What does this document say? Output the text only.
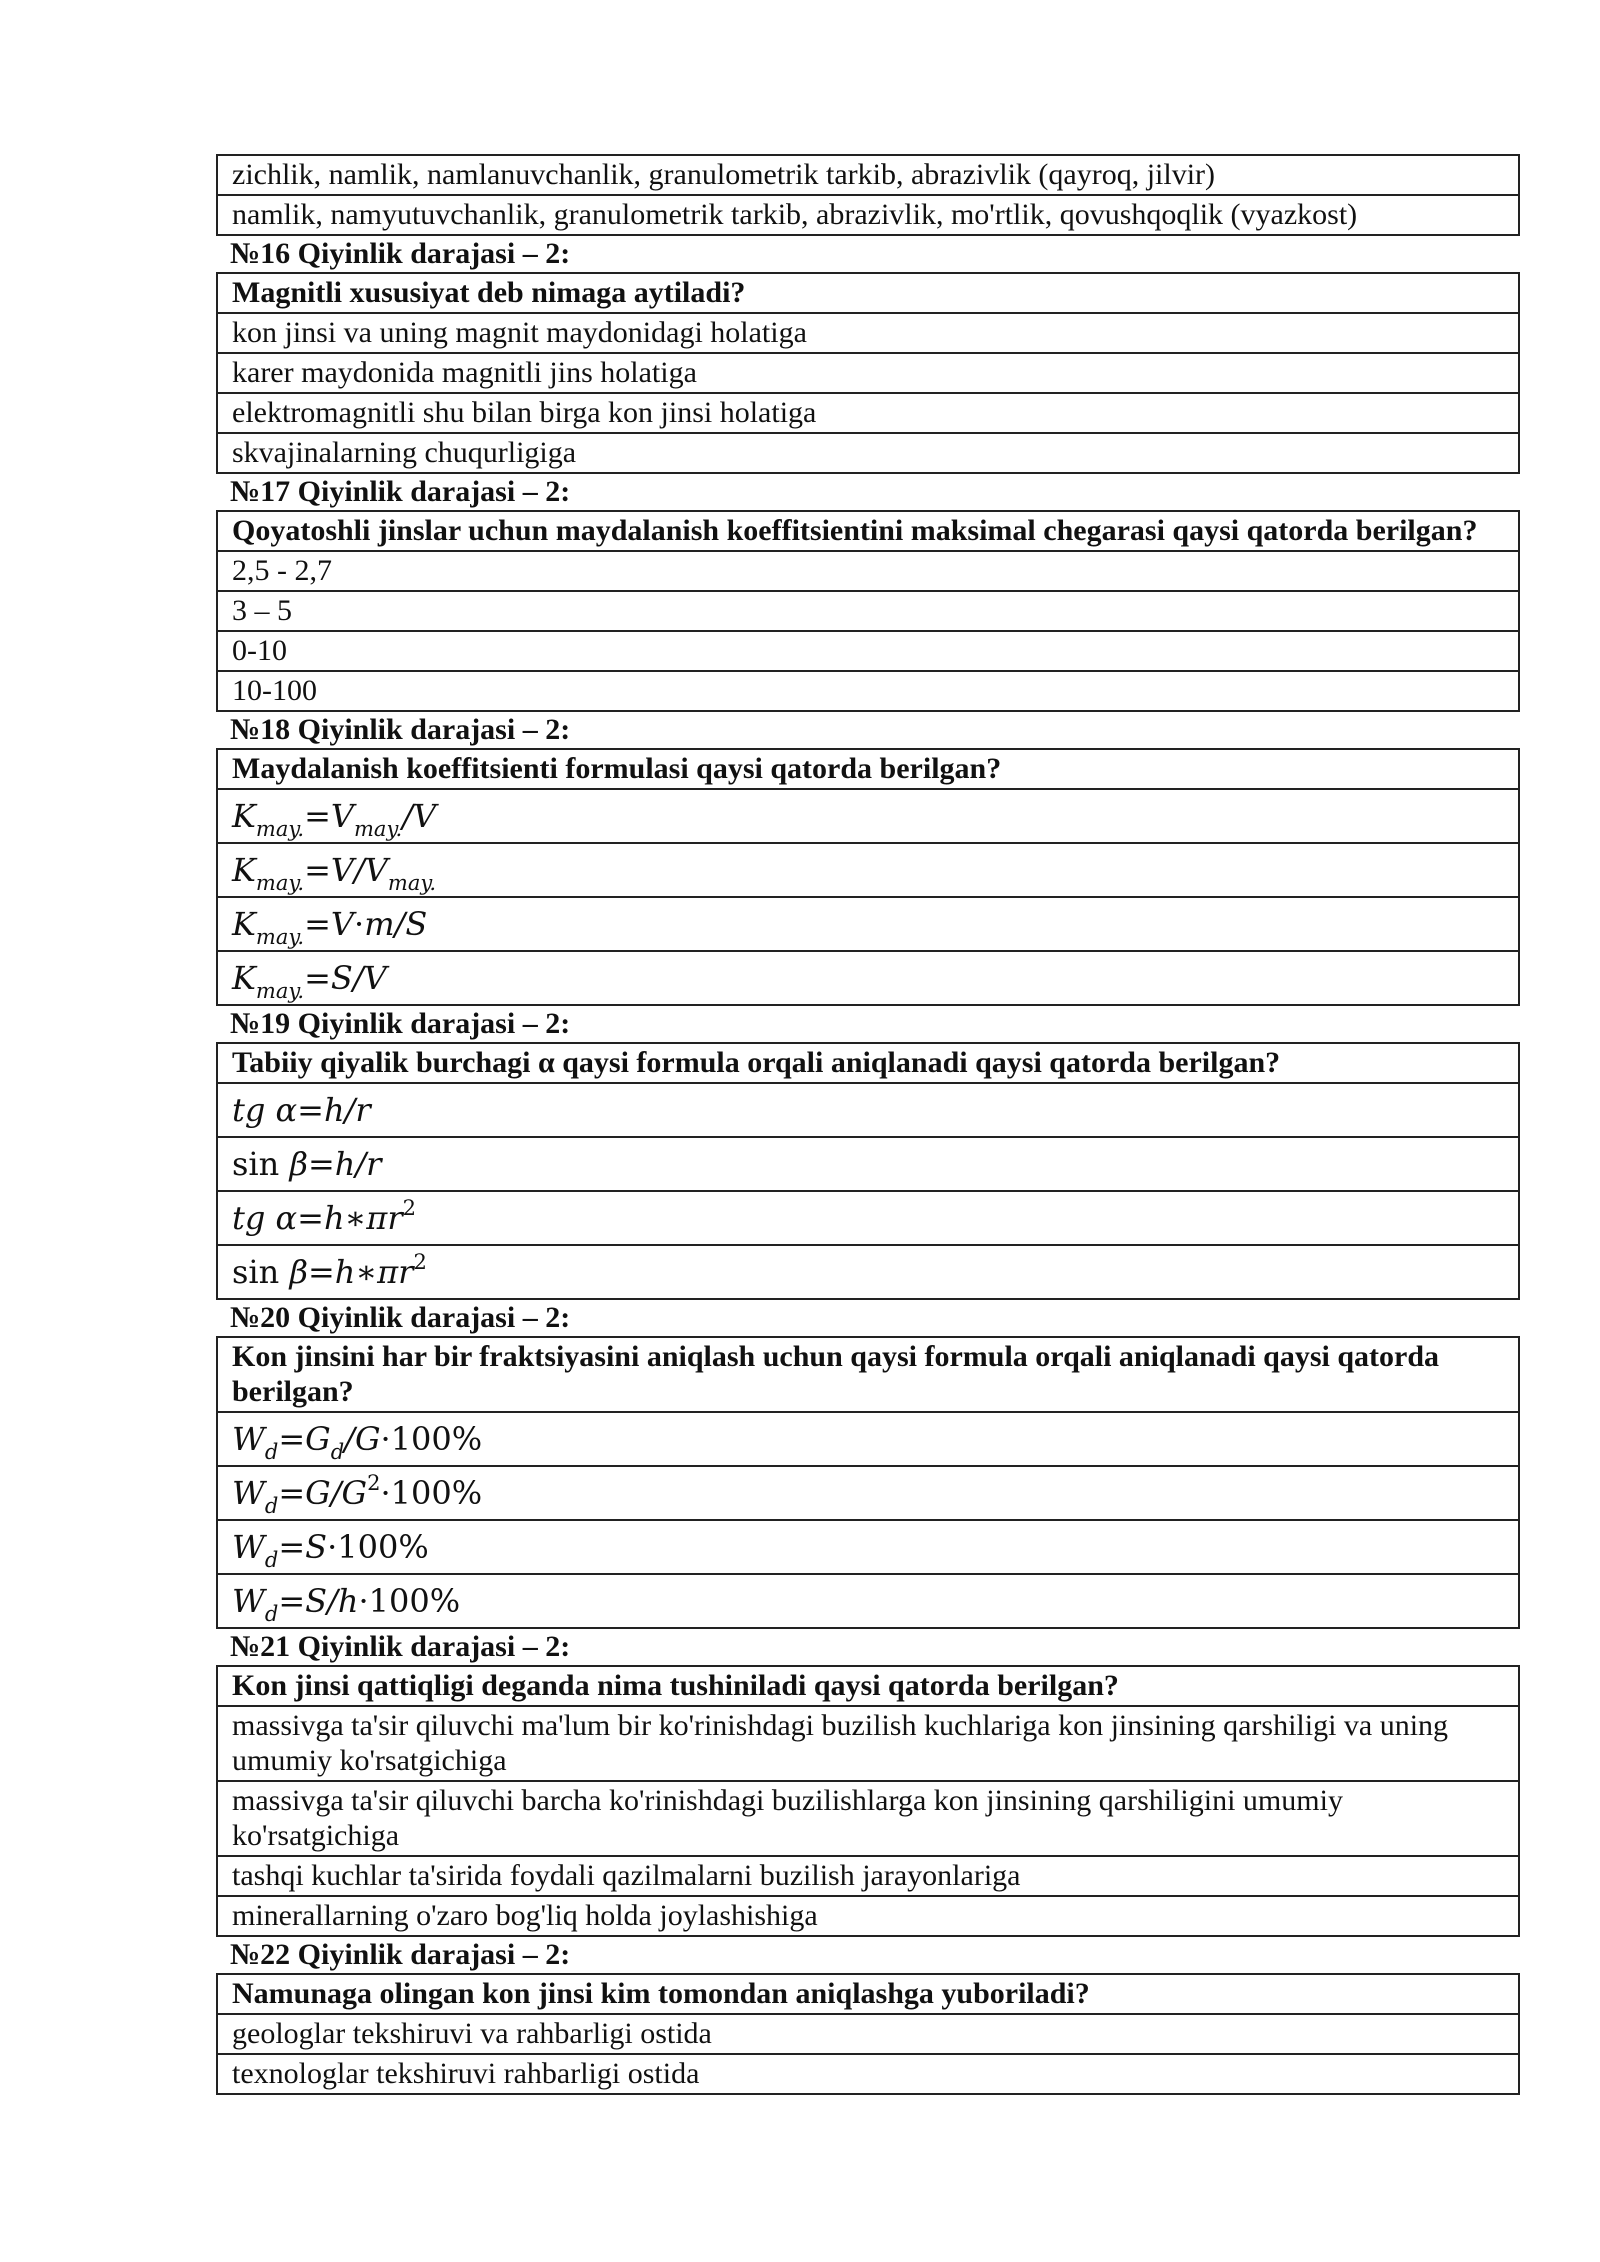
zichlik, namlik, namlanuvchanlik, granulometrik tarkib, abrazivlik (qayroq, jilvir)
namlik, namyutuvchanlik, granulometrik tarkib, abrazivlik, mo'rtlik, qovushqoqlik (vyazkost)
№16 Qiyinlik darajasi – 2:
Magnitli xususiyat deb nimaga aytiladi?
kon jinsi va uning magnit maydonidagi holatiga
karer maydonida magnitli jins holatiga
elektromagnitli shu bilan birga kon jinsi holatiga
skvajinalarning chuqurligiga
№17 Qiyinlik darajasi – 2:
Qoyatoshli jinslar uchun maydalanish koeffitsientini maksimal chegarasi qaysi qatorda berilgan?
2,5 - 2,7
3 – 5
0-10
10-100
№18 Qiyinlik darajasi – 2:
Maydalanish koeffitsienti formulasi qaysi qatorda berilgan?
$K_{may.}=V_{may.}/V$
$K_{may.}=V/V_{may.}$
$K_{may.}=V\cdot m/S$
$K_{may.}=S/V$
№19 Qiyinlik darajasi – 2:
Tabiiy qiyalik burchagi α qaysi formula orqali aniqlanadi qaysi qatorda berilgan?
tg α=h/r
sin β=h/r
tg $\alpha=h∗\pi r^2$
$\sin \beta=h∗\pi r^2$
№20 Qiyinlik darajasi – 2:
Kon jinsini har bir fraktsiyasini aniqlash uchun qaysi formula orqali aniqlanadi qaysi qatorda berilgan?
$W_d=G_d/G\cdot 100\%$
$W_d=G/G^2\cdot 100\%$
$W_d=S\cdot 100\%$
$W_d=S/h\cdot 100\%$
№21 Qiyinlik darajasi – 2:
Kon jinsi qattiqligi deganda nima tushiniladi qaysi qatorda berilgan?
massivga ta'sir qiluvchi ma'lum bir ko'rinishdagi buzilish kuchlariga kon jinsining qarshiligi va uning umumiy ko'rsatgichiga
massivga ta'sir qiluvchi barcha ko'rinishdagi buzilishlarga kon jinsining qarshiligini umumiy ko'rsatgichiga
tashqi kuchlar ta'sirida foydali qazilmalarni buzilish jarayonlariga
minerallarning o'zaro bog'liq holda joylashishiga
№22 Qiyinlik darajasi – 2:
Namunaga olingan kon jinsi kim tomondan aniqlashga yuboriladi?
geologlar tekshiruvi va rahbarligi ostida
texnologlar tekshiruvi rahbarligi ostida
